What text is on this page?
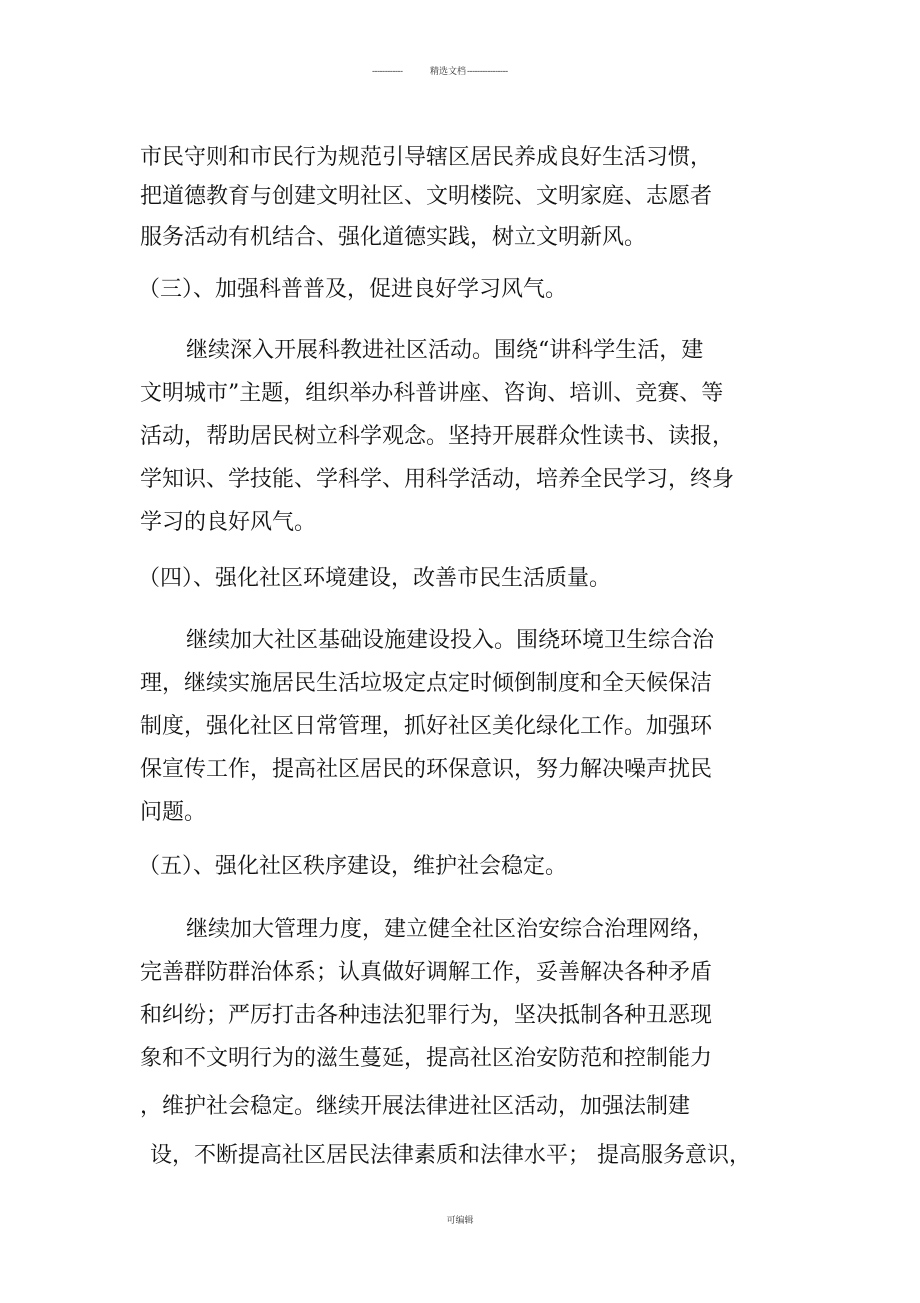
------------	精选文档 ----------------
市民守则和市民行为规范引导辖区居民养成良好生活习惯，
把道德教育与创建文明社区、文明楼院、文明家庭、志愿者
服务活动有机结合、强化道德实践，树立文明新风。
（三）、加强科普普及，促进良好学习风气。
继续深入开展科教进社区活动。围绕“讲科学生活，建
文明城市”主题，组织举办科普讲座、咨询、培训、竞赛、等
活动，帮助居民树立科学观念。坚持开展群众性读书、读报，
学知识、学技能、学科学、用科学活动，培养全民学习，终身
学习的良好风气。
（四）、强化社区环境建设，改善市民生活质量。
继续加大社区基础设施建设投入。围绕环境卫生综合治
理，继续实施居民生活垃圾定点定时倾倒制度和全天候保洁
制度，强化社区日常管理，抓好社区美化绿化工作。加强环
保宣传工作，提高社区居民的环保意识，努力解决噪声扰民
问题。
（五）、强化社区秩序建设，维护社会稳定。
继续加大管理力度，建立健全社区治安综合治理网络，
完善群防群治体系；认真做好调解工作，妥善解决各种矛盾
和纠纷；严厉打击各种违法犯罪行为，坚决抵制各种丑恶现
象和不文明行为的滋生蔓延，提高社区治安防范和控制能力
，维护社会稳定。继续开展法律进社区活动，加强法制建
设，不断提高社区居民法律素质和法律水平； 提高服务意识，
可编辑
